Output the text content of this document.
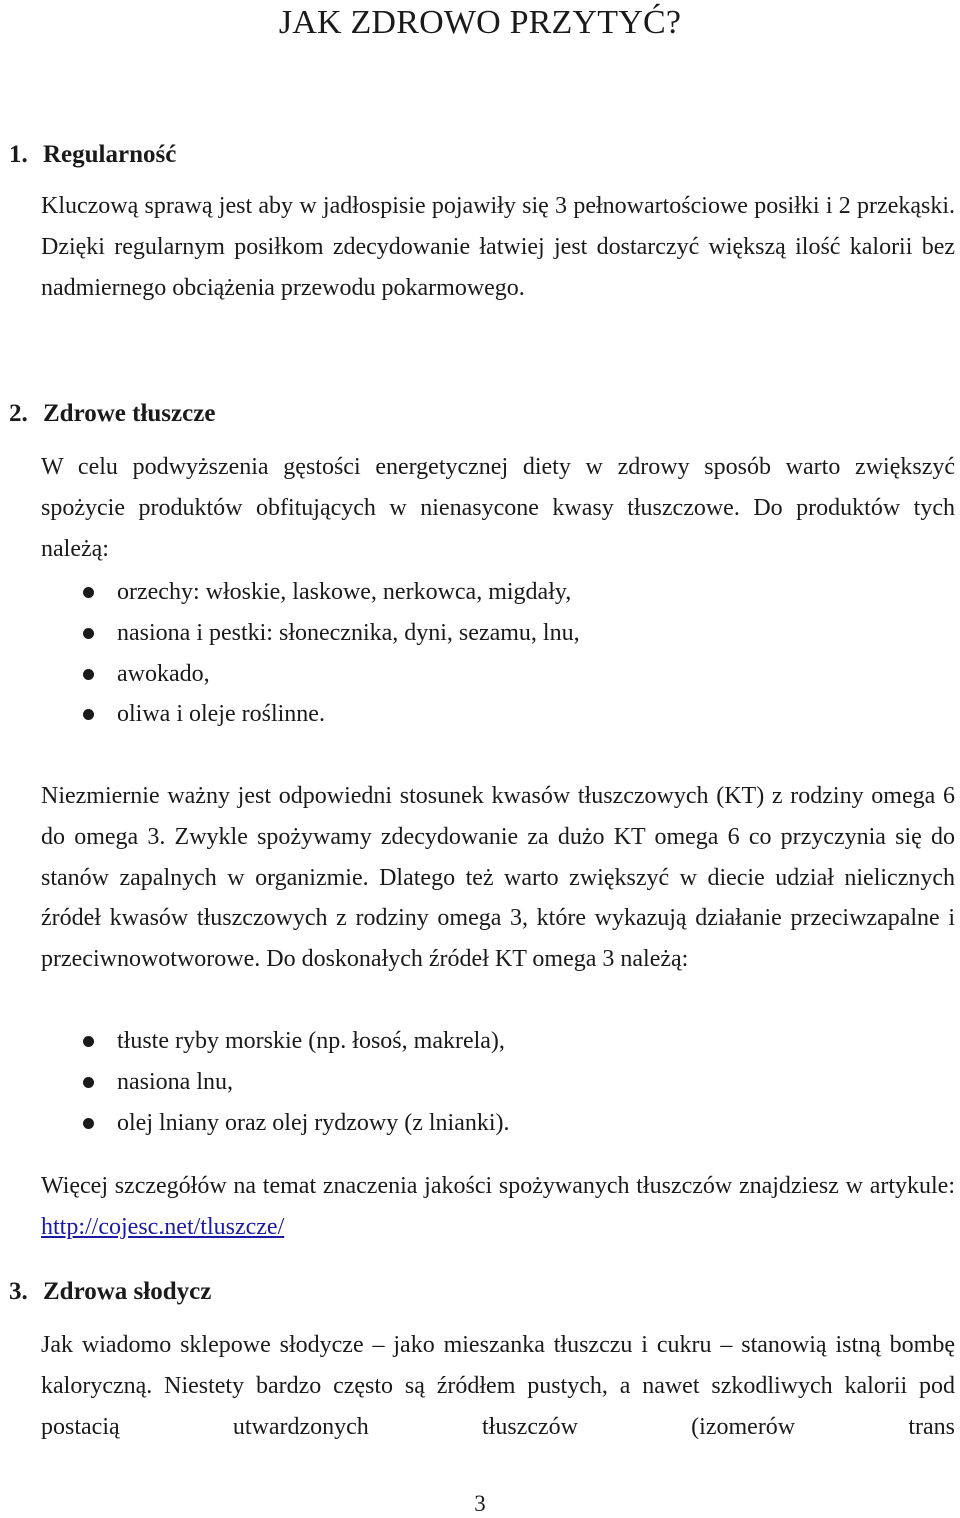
JAK ZDROWO PRZYTYĆ?
1. Regularność

Kluczową sprawą jest aby w jadłospisie pojawiły się 3 pełnowartościowe posiłki i 2 przekąski. Dzięki regularnym posiłkom zdecydowanie łatwiej jest dostarczyć większą ilość kalorii bez nadmiernego obciążenia przewodu pokarmowego.

2. Zdrowe tłuszcze

W celu podwyższenia gęstości energetycznej diety w zdrowy sposób warto zwiększyć spożycie produktów obfitujących w nienasycone kwasy tłuszczowe. Do produktów tych należą:

orzechy: włoskie, laskowe, nerkowca, migdały,
nasiona i pestki: słonecznika, dyni, sezamu, lnu,
awokado,
oliwa i oleje roślinne.

Niezmiernie ważny jest odpowiedni stosunek kwasów tłuszczowych (KT) z rodziny omega 6 do omega 3. Zwykle spożywamy zdecydowanie za dużo KT omega 6 co przyczynia się do stanów zapalnych w organizmie. Dlatego też warto zwiększyć w diecie udział nielicznych źródeł kwasów tłuszczowych z rodziny omega 3, które wykazują działanie przeciwzapalne i przeciwnowotworowe. Do doskonałych źródeł KT omega 3 należą:

tłuste ryby morskie (np. łosoś, makrela),
nasiona lnu,
olej lniany oraz olej rydzowy (z lnianki).

Więcej szczegółów na temat znaczenia jakości spożywanych tłuszczów znajdziesz w artykule: http://cojesc.net/tluszcze/

3. Zdrowa słodycz

Jak wiadomo sklepowe słodycze – jako mieszanka tłuszczu i cukru – stanowią istną bombę kaloryczną. Niestety bardzo często są źródłem pustych, a nawet szkodliwych kalorii pod postacią utwardzonych tłuszczów (izomerów trans

3
